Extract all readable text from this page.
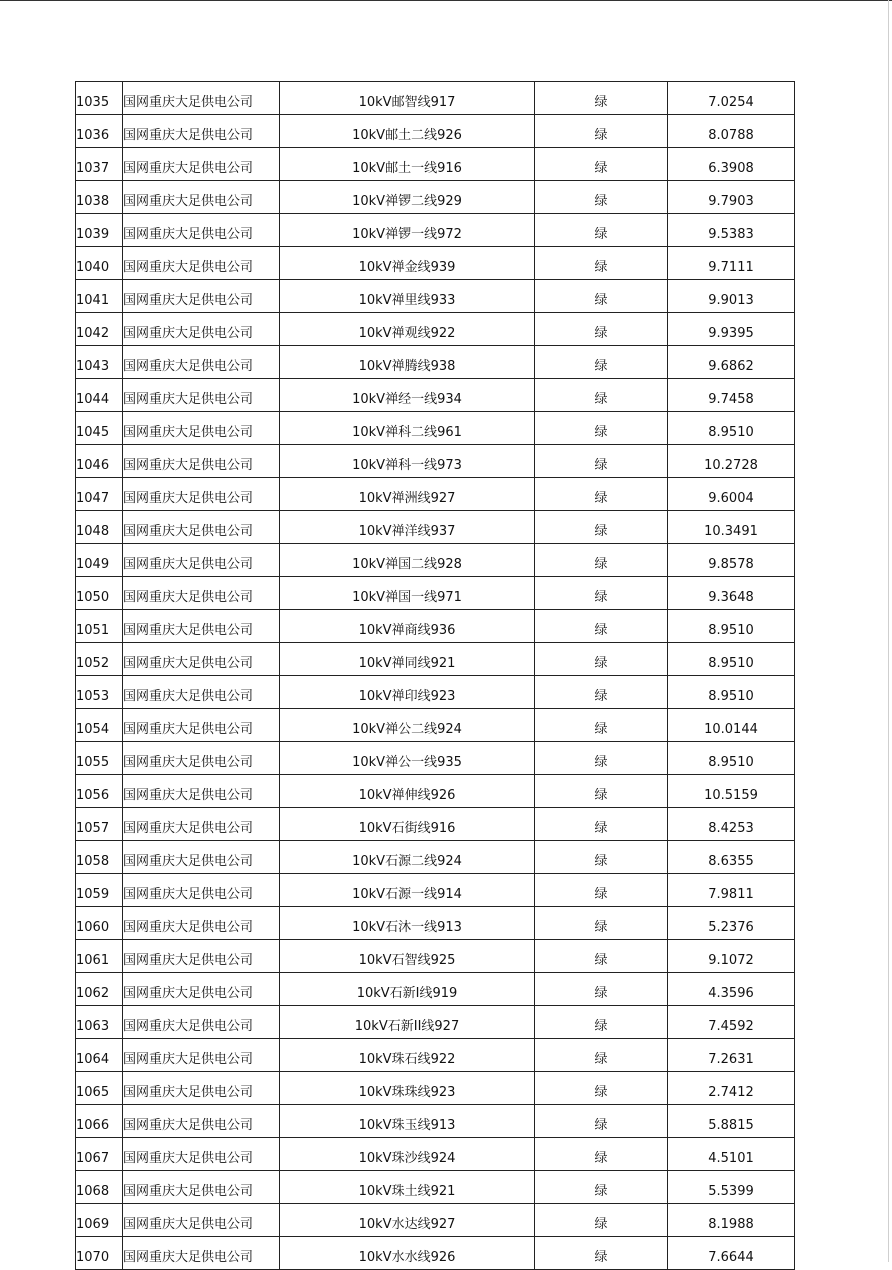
1035	国网重庆大足供电公司	10kV邮智线917	绿	7.0254
1036	国网重庆大足供电公司	10kV邮土二线926	绿	8.0788
1037	国网重庆大足供电公司	10kV邮土一线916	绿	6.3908
1038	国网重庆大足供电公司	10kV禅锣二线929	绿	9.7903
1039	国网重庆大足供电公司	10kV禅锣一线972	绿	9.5383
1040	国网重庆大足供电公司	10kV禅金线939	绿	9.7111
1041	国网重庆大足供电公司	10kV禅里线933	绿	9.9013
1042	国网重庆大足供电公司	10kV禅观线922	绿	9.9395
1043	国网重庆大足供电公司	10kV禅腾线938	绿	9.6862
1044	国网重庆大足供电公司	10kV禅经一线934	绿	9.7458
1045	国网重庆大足供电公司	10kV禅科二线961	绿	8.9510
1046	国网重庆大足供电公司	10kV禅科一线973	绿	10.2728
1047	国网重庆大足供电公司	10kV禅洲线927	绿	9.6004
1048	国网重庆大足供电公司	10kV禅洋线937	绿	10.3491
1049	国网重庆大足供电公司	10kV禅国二线928	绿	9.8578
1050	国网重庆大足供电公司	10kV禅国一线971	绿	9.3648
1051	国网重庆大足供电公司	10kV禅商线936	绿	8.9510
1052	国网重庆大足供电公司	10kV禅同线921	绿	8.9510
1053	国网重庆大足供电公司	10kV禅印线923	绿	8.9510
1054	国网重庆大足供电公司	10kV禅公二线924	绿	10.0144
1055	国网重庆大足供电公司	10kV禅公一线935	绿	8.9510
1056	国网重庆大足供电公司	10kV禅伸线926	绿	10.5159
1057	国网重庆大足供电公司	10kV石街线916	绿	8.4253
1058	国网重庆大足供电公司	10kV石源二线924	绿	8.6355
1059	国网重庆大足供电公司	10kV石源一线914	绿	7.9811
1060	国网重庆大足供电公司	10kV石沐一线913	绿	5.2376
1061	国网重庆大足供电公司	10kV石智线925	绿	9.1072
1062	国网重庆大足供电公司	10kV石新I线919	绿	4.3596
1063	国网重庆大足供电公司	10kV石新II线927	绿	7.4592
1064	国网重庆大足供电公司	10kV珠石线922	绿	7.2631
1065	国网重庆大足供电公司	10kV珠珠线923	绿	2.7412
1066	国网重庆大足供电公司	10kV珠玉线913	绿	5.8815
1067	国网重庆大足供电公司	10kV珠沙线924	绿	4.5101
1068	国网重庆大足供电公司	10kV珠土线921	绿	5.5399
1069	国网重庆大足供电公司	10kV水达线927	绿	8.1988
1070	国网重庆大足供电公司	10kV水水线926	绿	7.6644
